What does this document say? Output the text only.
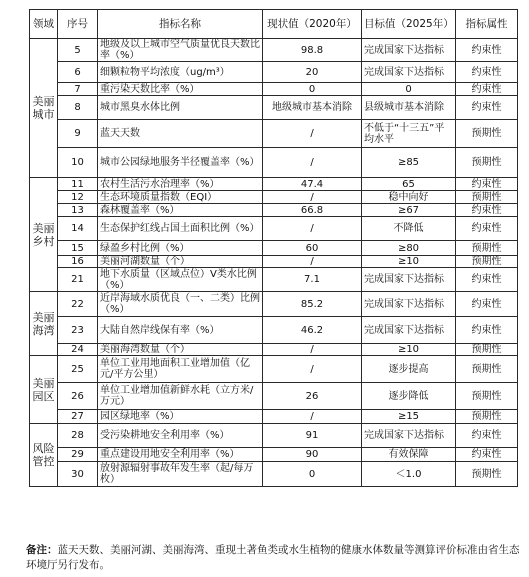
领域	序号	指标名称	现状值（2020年）	目标值（2025年）	指标属性
美丽城市	5	地级及以上城市空气质量优良天数比率（%）	98.8	完成国家下达指标	约束性
	6	细颗粒物平均浓度（ug/m³）	20	完成国家下达指标	约束性
	7	重污染天数比率（%）	0	0	约束性
	8	城市黑臭水体比例	地级城市基本消除	县级城市基本消除	约束性
	9	蓝天天数	/	不低于“十三五”平均水平	预期性
	10	城市公园绿地服务半径覆盖率（%）	/	≥85	预期性
美丽乡村	11	农村生活污水治理率（%）	47.4	65	约束性
	12	生态环境质量指数（EQI）	/	稳中向好	预期性
	13	森林覆盖率（%）	66.8	≥67	约束性
	14	生态保护红线占国土面积比例（%）	/	不降低	约束性
	15	绿盈乡村比例（%）	60	≥80	预期性
	16	美丽河湖数量（个）	/	≥10	预期性
	21	地下水质量（区域点位）V类水比例（%）	7.1	完成国家下达指标	约束性
美丽海湾	22	近岸海域水质优良（一、二类）比例（%）	85.2	完成国家下达指标	约束性
	23	大陆自然岸线保有率（%）	46.2	完成国家下达指标	约束性
	24	美丽海湾数量（个）	/	≥10	预期性
美丽园区	25	单位工业用地面积工业增加值（亿元/平方公里）	/	逐步提高	预期性
	26	单位工业增加值新鲜水耗（立方米/万元）	26	逐步降低	预期性
	27	园区绿地率（%）	/	≥15	预期性
风险管控	28	受污染耕地安全利用率（%）	91	完成国家下达指标	约束性
	29	重点建设用地安全利用率（%）	90	有效保障	约束性
	30	放射源辐射事故年发生率（起/每万枚）	0	＜1.0	预期性
备注：蓝天天数、美丽河湖、美丽海湾、重现土著鱼类或水生植物的健康水体数量等测算评价标准由省生态环境厅另行发布。
